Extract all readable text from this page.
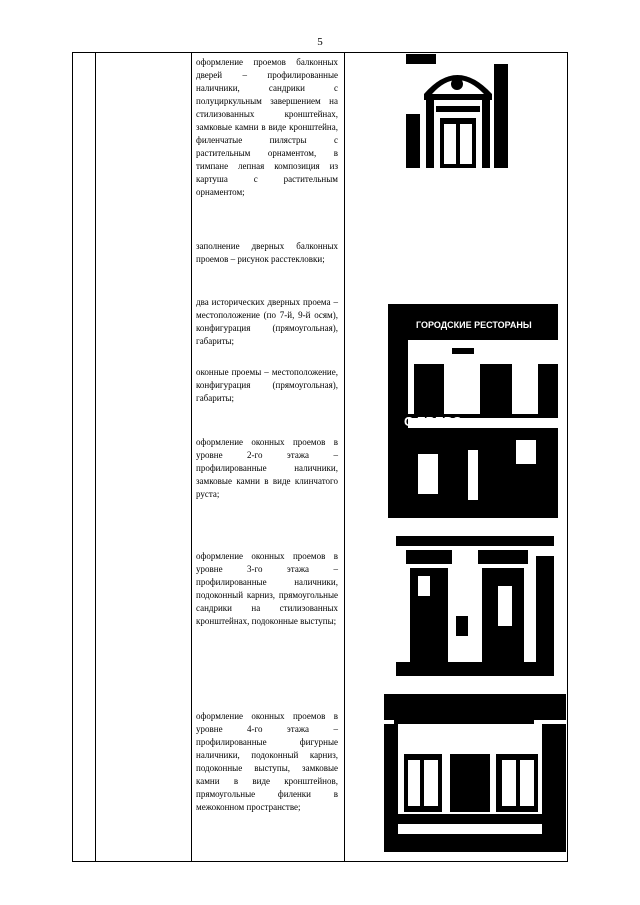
5
оформление проемов балконных дверей – профилированные наличники, сандрики с полуциркульным завершением на стилизованных кронштейнах, замковые камни в виде кронштейна, филенчатые пилястры с растительным орнаментом, в тимпане лепная композиция из картуша с растительным орнаментом;
заполнение дверных балконных проемов – рисунок расстекловки;
два исторических дверных проема – местоположение (по 7-й, 9-й осям), конфигурация (прямоугольная), габариты;
оконные проемы – местоположение, конфигурация (прямоугольная), габариты;
оформление оконных проемов в уровне 2-го этажа – профилированные наличники, замковые камни в виде клинчатого руста;
оформление оконных проемов в уровне 3-го этажа – профилированные наличники, подоконный карниз, прямоугольные сандрики на стилизованных кронштейнах, подоконные выступы;
оформление оконных проемов в уровне 4-го этажа – профилированные фигурные наличники, подоконный карниз, подоконные выступы, замковые камни в виде кронштейнов, прямоугольные филенки в межоконном пространстве;
ГОРОДСКИЕ РЕСТОРАНЫ
С.ЕВЕРО
